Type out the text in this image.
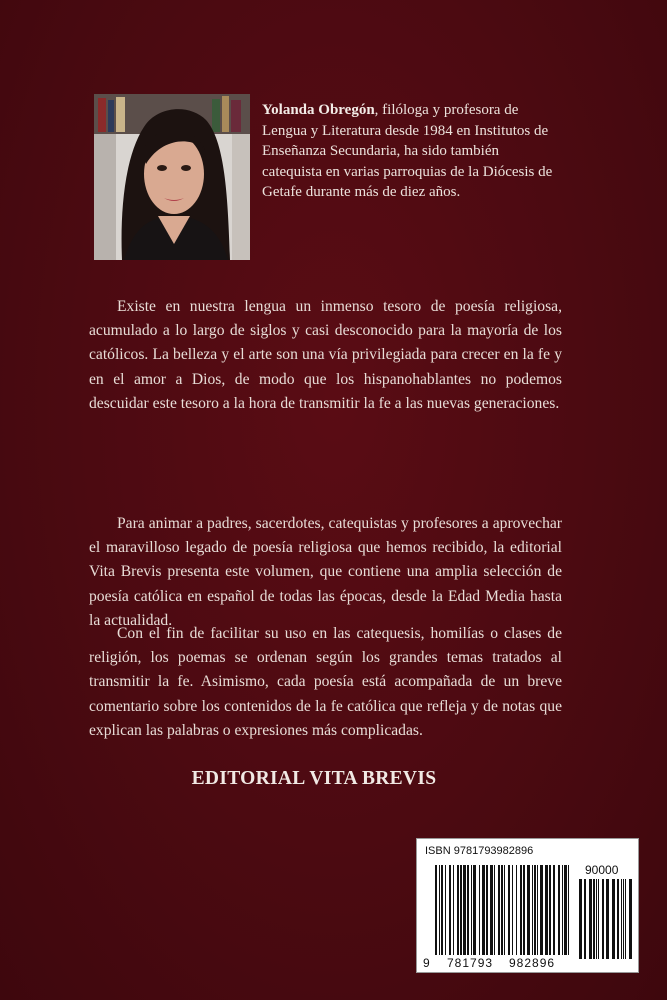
Yolanda Obregón, filóloga y profesora de Lengua y Literatura desde 1984 en Institutos de Enseñanza Secundaria, ha sido también catequista en varias parroquias de la Diócesis de Getafe durante más de diez años.

Existe en nuestra lengua un inmenso tesoro de poesía religiosa, acumulado a lo largo de siglos y casi desconocido para la mayoría de los católicos. La belleza y el arte son una vía privilegiada para crecer en la fe y en el amor a Dios, de modo que los hispanohablantes no podemos descuidar este tesoro a la hora de transmitir la fe a las nuevas generaciones.

Para animar a padres, sacerdotes, catequistas y profesores a aprovechar el maravilloso legado de poesía religiosa que hemos recibido, la editorial Vita Brevis presenta este volumen, que contiene una amplia selección de poesía católica en español de todas las épocas, desde la Edad Media hasta la actualidad.

Con el fin de facilitar su uso en las catequesis, homilías o clases de religión, los poemas se ordenan según los grandes temas tratados al transmitir la fe. Asimismo, cada poesía está acompañada de un breve comentario sobre los contenidos de la fe católica que refleja y de notas que explican las palabras o expresiones más complicadas.

EDITORIAL VITA BREVIS
ISBN 9781793982896
90000
9 781793 982896
